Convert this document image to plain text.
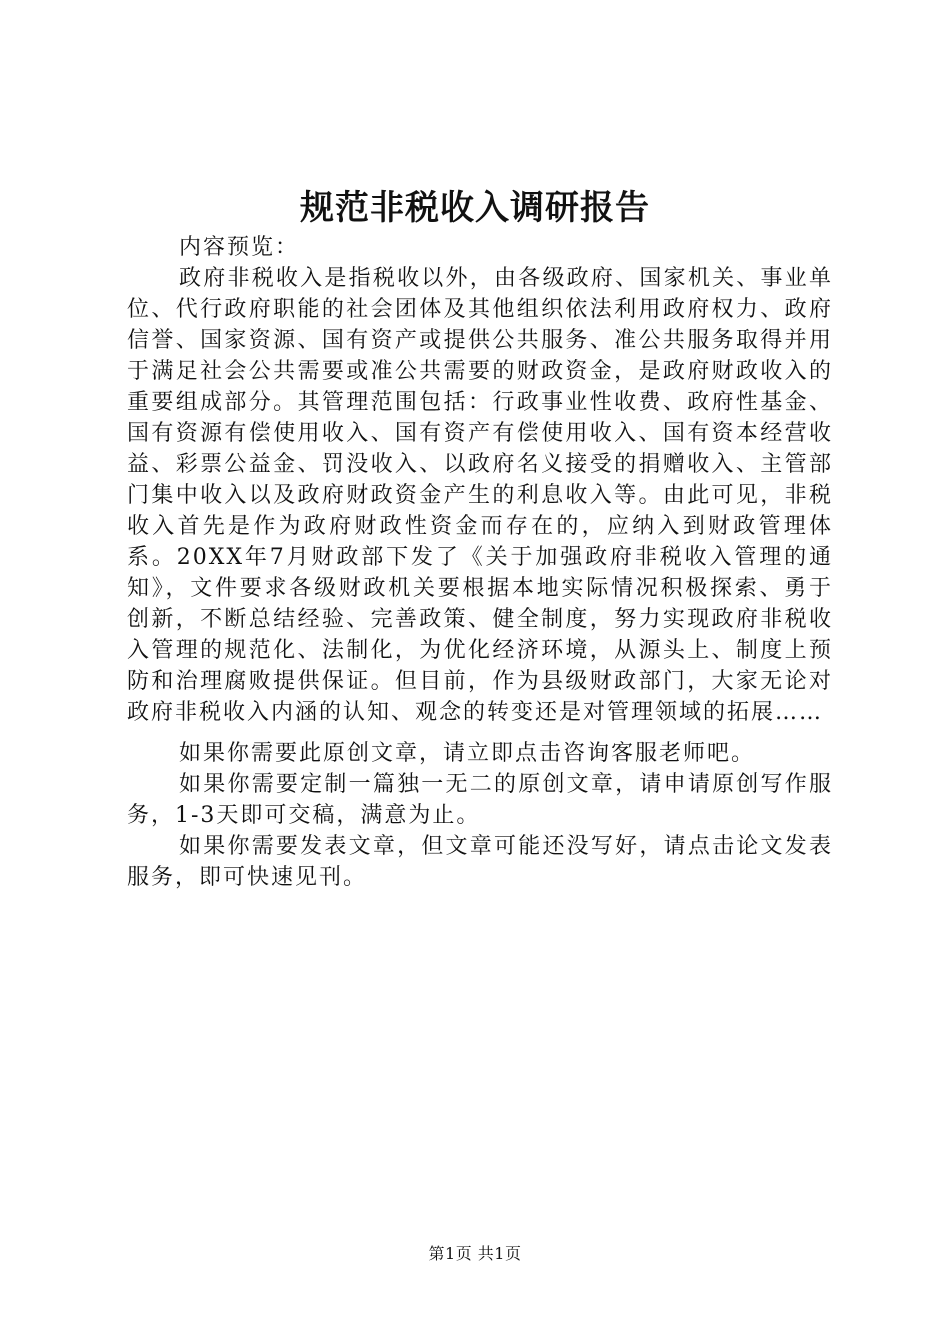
规范非税收入调研报告

内容预览：

政府非税收入是指税收以外，由各级政府、国家机关、事业单位、代行政府职能的社会团体及其他组织依法利用政府权力、政府信誉、国家资源、国有资产或提供公共服务、准公共服务取得并用于满足社会公共需要或准公共需要的财政资金，是政府财政收入的重要组成部分。其管理范围包括：行政事业性收费、政府性基金、国有资源有偿使用收入、国有资产有偿使用收入、国有资本经营收益、彩票公益金、罚没收入、以政府名义接受的捐赠收入、主管部门集中收入以及政府财政资金产生的利息收入等。由此可见，非税收入首先是作为政府财政性资金而存在的，应纳入到财政管理体系。20XX年7月财政部下发了《关于加强政府非税收入管理的通知》，文件要求各级财政机关要根据本地实际情况积极探索、勇于创新，不断总结经验、完善政策、健全制度，努力实现政府非税收入管理的规范化、法制化，为优化经济环境，从源头上、制度上预防和治理腐败提供保证。但目前，作为县级财政部门，大家无论对政府非税收入内涵的认知、观念的转变还是对管理领域的拓展……

如果你需要此原创文章，请立即点击咨询客服老师吧。

如果你需要定制一篇独一无二的原创文章，请申请原创写作服务，1-3天即可交稿，满意为止。

如果你需要发表文章，但文章可能还没写好，请点击论文发表服务，即可快速见刊。

第1页 共1页
